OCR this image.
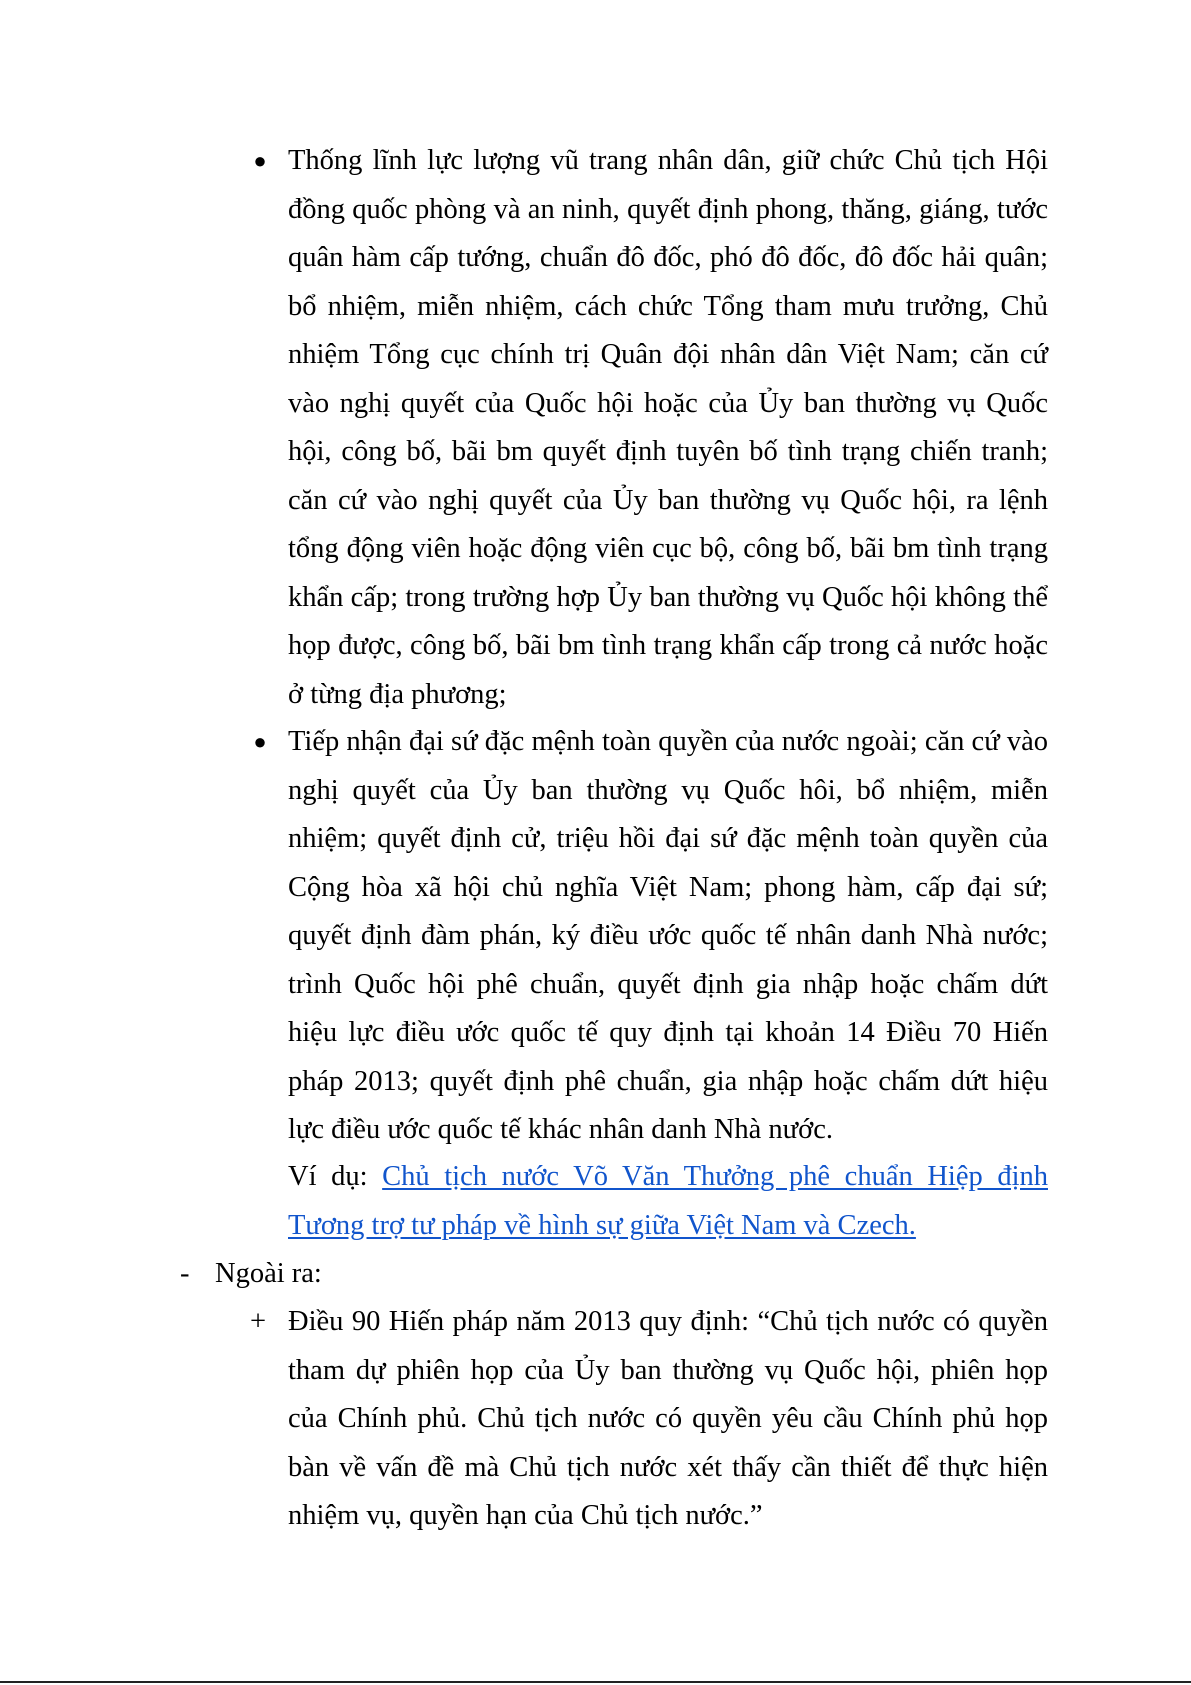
● Thống lĩnh lực lượng vũ trang nhân dân, giữ chức Chủ tịch Hội đồng quốc phòng và an ninh, quyết định phong, thăng, giáng, tước quân hàm cấp tướng, chuẩn đô đốc, phó đô đốc, đô đốc hải quân; bổ nhiệm, miễn nhiệm, cách chức Tổng tham mưu trưởng, Chủ nhiệm Tổng cục chính trị Quân đội nhân dân Việt Nam; căn cứ vào nghị quyết của Quốc hội hoặc của Ủy ban thường vụ Quốc hội, công bố, bãi bm quyết định tuyên bố tình trạng chiến tranh; căn cứ vào nghị quyết của Ủy ban thường vụ Quốc hội, ra lệnh tổng động viên hoặc động viên cục bộ, công bố, bãi bm tình trạng khẩn cấp; trong trường hợp Ủy ban thường vụ Quốc hội không thể họp được, công bố, bãi bm tình trạng khẩn cấp trong cả nước hoặc ở từng địa phương;
● Tiếp nhận đại sứ đặc mệnh toàn quyền của nước ngoài; căn cứ vào nghị quyết của Ủy ban thường vụ Quốc hôi, bổ nhiệm, miễn nhiệm; quyết định cử, triệu hồi đại sứ đặc mệnh toàn quyền của Cộng hòa xã hội chủ nghĩa Việt Nam; phong hàm, cấp đại sứ; quyết định đàm phán, ký điều ước quốc tế nhân danh Nhà nước; trình Quốc hội phê chuẩn, quyết định gia nhập hoặc chấm dứt hiệu lực điều ước quốc tế quy định tại khoản 14 Điều 70 Hiến pháp 2013; quyết định phê chuẩn, gia nhập hoặc chấm dứt hiệu lực điều ước quốc tế khác nhân danh Nhà nước.
Ví dụ: Chủ tịch nước Võ Văn Thưởng phê chuẩn Hiệp định Tương trợ tư pháp về hình sự giữa Việt Nam và Czech.
- Ngoài ra:
+ Điều 90 Hiến pháp năm 2013 quy định: “Chủ tịch nước có quyền tham dự phiên họp của Ủy ban thường vụ Quốc hội, phiên họp của Chính phủ. Chủ tịch nước có quyền yêu cầu Chính phủ họp bàn về vấn đề mà Chủ tịch nước xét thấy cần thiết để thực hiện nhiệm vụ, quyền hạn của Chủ tịch nước.”
